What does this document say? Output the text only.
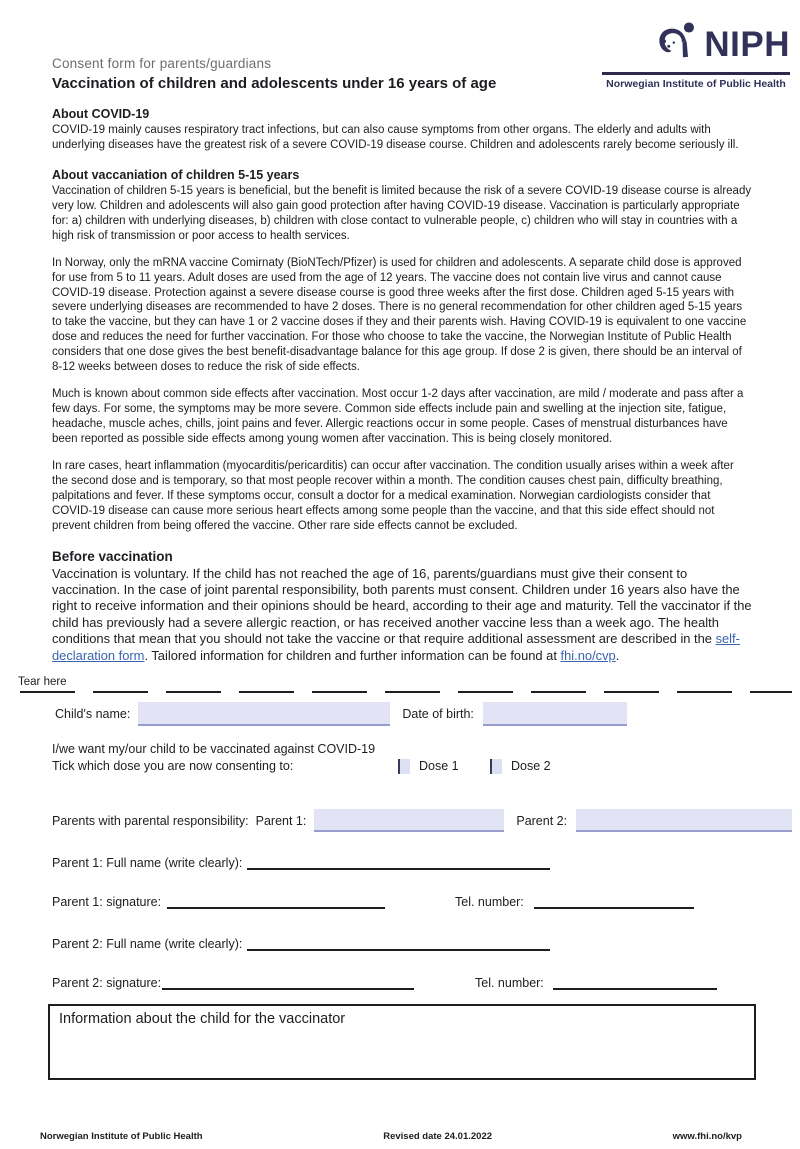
NIPH
Norwegian Institute of Public Health
Consent form for parents/guardians
Vaccination of children and adolescents under 16 years of age
About COVID-19

COVID-19 mainly causes respiratory tract infections, but can also cause symptoms from other organs. The elderly and adults with underlying diseases have the greatest risk of a severe COVID-19 disease course. Children and adolescents rarely become seriously ill.

About vaccaniation of children 5-15 years

Vaccination of children 5-15 years is beneficial, but the benefit is limited because the risk of a severe COVID-19 disease course is already very low. Children and adolescents will also gain good protection after having COVID-19 disease. Vaccination is particularly appropriate for: a) children with underlying diseases, b) children with close contact to vulnerable people, c) children who will stay in countries with a high risk of transmission or poor access to health services.

In Norway, only the mRNA vaccine Comirnaty (BioNTech/Pfizer) is used for children and adolescents. A separate child dose is approved for use from 5 to 11 years. Adult doses are used from the age of 12 years. The vaccine does not contain live virus and cannot cause COVID-19 disease. Protection against a severe disease course is good three weeks after the first dose. Children aged 5-15 years with severe underlying diseases are recommended to have 2 doses. There is no general recommendation for other children aged 5-15 years to take the vaccine, but they can have 1 or 2 vaccine doses if they and their parents wish. Having COVID-19 is equivalent to one vaccine dose and reduces the need for further vaccination. For those who choose to take the vaccine, the Norwegian Institute of Public Health considers that one dose gives the best benefit-disadvantage balance for this age group. If dose 2 is given, there should be an interval of 8-12 weeks between doses to reduce the risk of side effects.

Much is known about common side effects after vaccination. Most occur 1-2 days after vaccination, are mild / moderate and pass after a few days. For some, the symptoms may be more severe. Common side effects include pain and swelling at the injection site, fatigue, headache, muscle aches, chills, joint pains and fever. Allergic reactions occur in some people. Cases of menstrual disturbances have been reported as possible side effects among young women after vaccination. This is being closely monitored.

In rare cases, heart inflammation (myocarditis/pericarditis) can occur after vaccination. The condition usually arises within a week after the second dose and is temporary, so that most people recover within a month. The condition causes chest pain, difficulty breathing, palpitations and fever. If these symptoms occur, consult a doctor for a medical examination. Norwegian cardiologists consider that COVID-19 disease can cause more serious heart effects among some people than the vaccine, and that this side effect should not prevent children from being offered the vaccine. Other rare side effects cannot be excluded.

Before vaccination

Vaccination is voluntary. If the child has not reached the age of 16, parents/guardians must give their consent to vaccination. In the case of joint parental responsibility, both parents must consent. Children under 16 years also have the right to receive information and their opinions should be heard, according to their age and maturity. Tell the vaccinator if the child has previously had a severe allergic reaction, or has received another vaccine less than a week ago. The health conditions that mean that you should not take the vaccine or that require additional assessment are described in the self-declaration form. Tailored information for children and further information can be found at fhi.no/cvp.

Tear here
Child's name:	Date of birth:
I/we want my/our child to be vaccinated against COVID-19
Tick which dose you are now consenting to:	Dose 1	Dose 2
Parents with parental responsibility: Parent 1:	Parent 2:
Parent 1: Full name (write clearly):
Parent 1: signature:	Tel. number:
Parent 2: Full name (write clearly):
Parent 2: signature:	Tel. number:
Information about the child for the vaccinator
Norwegian Institute of Public Health	Revised date 24.01.2022	www.fhi.no/kvp
